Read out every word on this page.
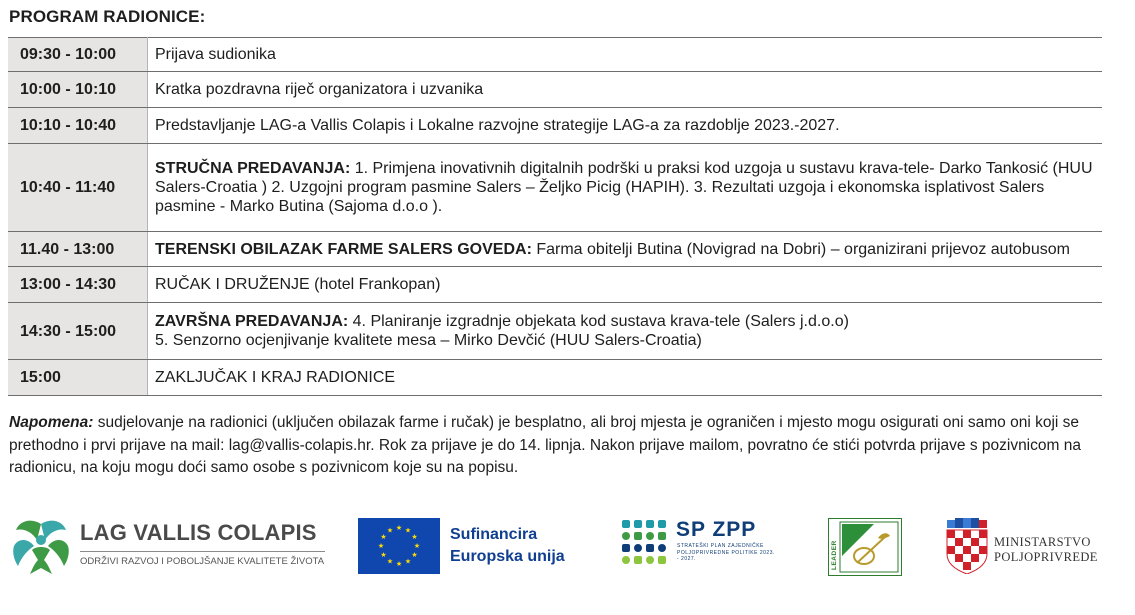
PROGRAM RADIONICE:
09:30 - 10:00	Prijava sudionika
10:00 - 10:10	Kratka pozdravna riječ organizatora i uzvanika
10:10 - 10:40	Predstavljanje LAG-a Vallis Colapis i Lokalne razvojne strategije LAG-a za razdoblje 2023.-2027.
10:40 - 11:40	STRUČNA PREDAVANJA: 1. Primjena inovativnih digitalnih podrški u praksi kod uzgoja u sustavu krava-tele- Darko Tankosić (HUU Salers-Croatia ) 2. Uzgojni program pasmine Salers – Željko Picig (HAPIH). 3. Rezultati uzgoja i ekonomska isplativost Salers pasmine - Marko Butina (Sajoma d.o.o ).
11.40 - 13:00	TERENSKI OBILAZAK FARME SALERS GOVEDA: Farma obitelji Butina (Novigrad na Dobri) – organizirani prijevoz autobusom
13:00 - 14:30	RUČAK I DRUŽENJE (hotel Frankopan)
14:30 - 15:00	ZAVRŠNA PREDAVANJA: 4. Planiranje izgradnje objekata kod sustava krava-tele (Salers j.d.o.o)
5. Senzorno ocjenjivanje kvalitete mesa – Mirko Devčić (HUU Salers-Croatia)
15:00	ZAKLJUČAK I KRAJ RADIONICE
Napomena: sudjelovanje na radionici (uključen obilazak farme i ručak) je besplatno, ali broj mjesta je ograničen i mjesto mogu osigurati oni samo oni koji se prethodno i prvi prijave na mail: lag@vallis-colapis.hr. Rok za prijave je do 14. lipnja. Nakon prijave mailom, povratno će stići potvrda prijave s pozivnicom na radionicu, na koju mogu doći samo osobe s pozivnicom koje su na popisu.
LAG VALLIS COLAPIS
ODRŽIVI RAZVOJ I POBOLJŠANJE KVALITETE ŽIVOTA
★ ★
★
★
★
★
★
★
★
★
★
★	Sufinancira
Europska unija
SP ZPP
STRATEŠKI PLAN ZAJEDNIČKE POLJOPRIVREDNE POLITIKE 2023. - 2027.	LEADER	MINISTARSTVO
POLJOPRIVREDE
